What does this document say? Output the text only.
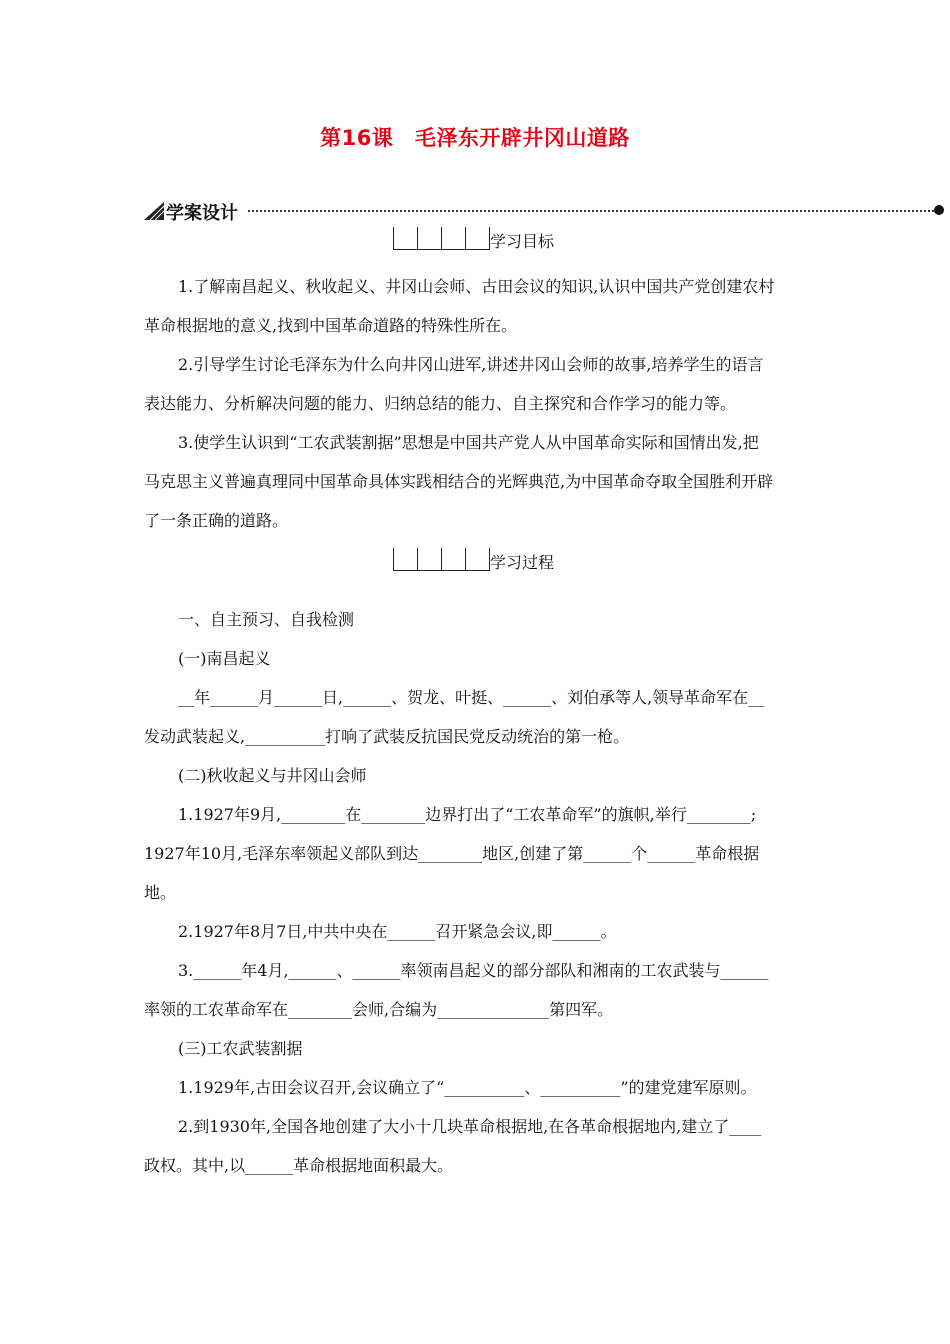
第16课　毛泽东开辟井冈山道路
学案设计
学习目标
1.了解南昌起义、秋收起义、井冈山会师、古田会议的知识,认识中国共产党创建农村
革命根据地的意义,找到中国革命道路的特殊性所在。
2.引导学生讨论毛泽东为什么向井冈山进军,讲述井冈山会师的故事,培养学生的语言
表达能力、分析解决问题的能力、归纳总结的能力、自主探究和合作学习的能力等。
3.使学生认识到“工农武装割据”思想是中国共产党人从中国革命实际和国情出发,把
马克思主义普遍真理同中国革命具体实践相结合的光辉典范,为中国革命夺取全国胜利开辟
了一条正确的道路。
学习过程
一、自主预习、自我检测
(一)南昌起义
__年______月______日,______、贺龙、叶挺、______、刘伯承等人,领导革命军在__
发动武装起义,__________打响了武装反抗国民党反动统治的第一枪。
(二)秋收起义与井冈山会师
1.1927年9月,________在________边界打出了“工农革命军”的旗帜,举行________;
1927年10月,毛泽东率领起义部队到达________地区,创建了第______个______革命根据
地。
2.1927年8月7日,中共中央在______召开紧急会议,即______。
3.______年4月,______、______率领南昌起义的部分部队和湘南的工农武装与______
率领的工农革命军在________会师,合编为______________第四军。
(三)工农武装割据
1.1929年,古田会议召开,会议确立了“__________、__________”的建党建军原则。
2.到1930年,全国各地创建了大小十几块革命根据地,在各革命根据地内,建立了____
政权。其中,以______革命根据地面积最大。
